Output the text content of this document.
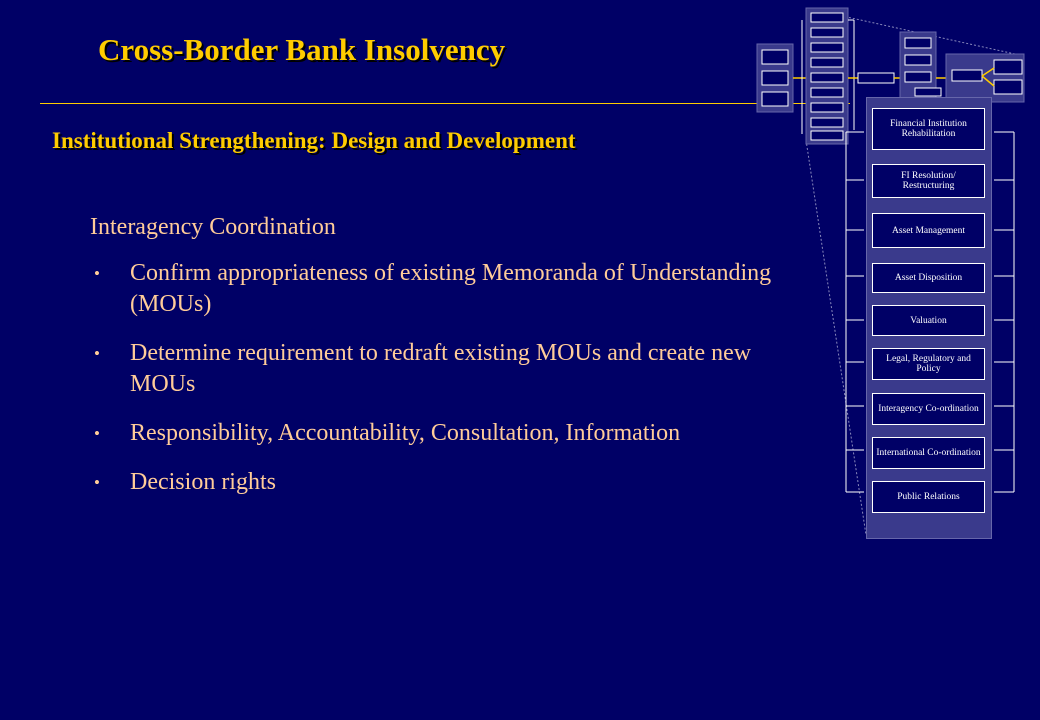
Cross-Border Bank Insolvency
Institutional Strengthening: Design and Development
Interagency Coordination
• Confirm appropriateness of existing Memoranda of Understanding (MOUs)
• Determine requirement to redraft existing MOUs and create new MOUs
• Responsibility, Accountability, Consultation, Information
• Decision rights
Financial Institution Rehabilitation
FI Resolution/ Restructuring
Asset Management
Asset Disposition
Valuation
Legal, Regulatory and Policy
Interagency Co-ordination
International Co-ordination
Public Relations
